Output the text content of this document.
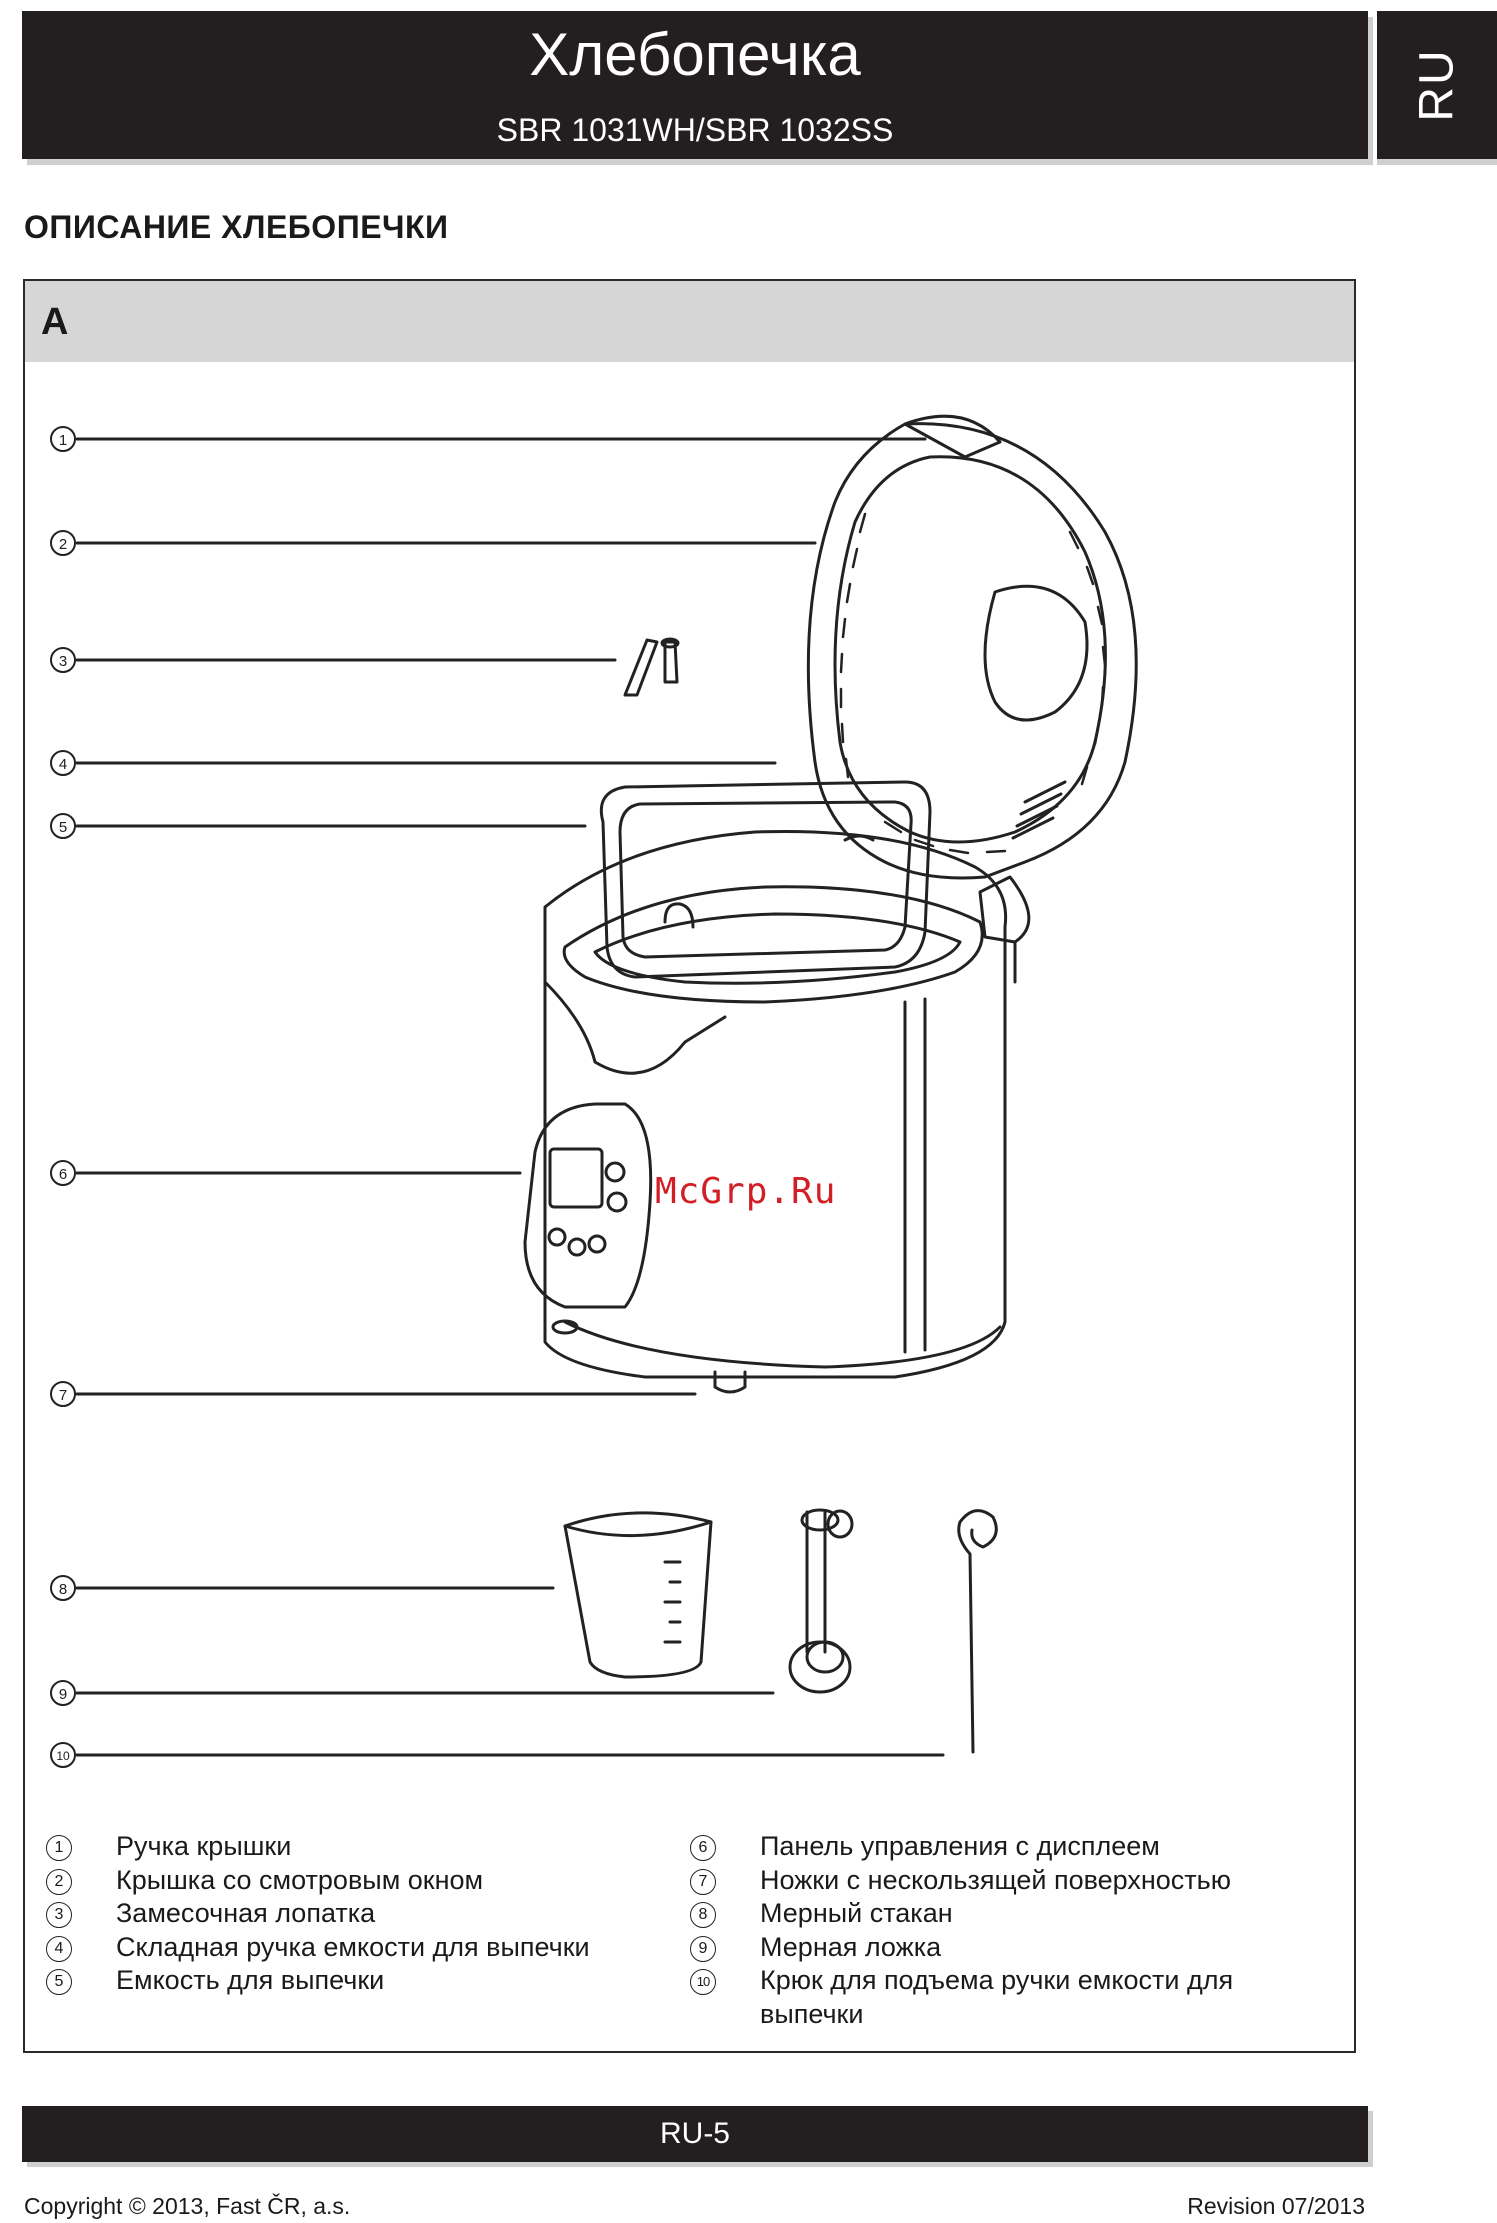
Хлебопечка
SBR 1031WH/SBR 1032SS
RU
ОПИСАНИЕ ХЛЕБОПЕЧКИ
A
1
2
3
4
5
6
7
8
9
10
McGrp.Ru
1	Ручка крышки
2	Крышка со смотровым окном
3	Замесочная лопатка
4	Складная ручка емкости для выпечки
5	Емкость для выпечки
6	Панель управления с дисплеем
7	Ножки с нескользящей поверхностью
8	Мерный стакан
9	Мерная ложка
10 Крюк для подъема ручки емкости для выпечки
RU-5
Copyright © 2013, Fast ČR, a.s.	Revision 07/2013
